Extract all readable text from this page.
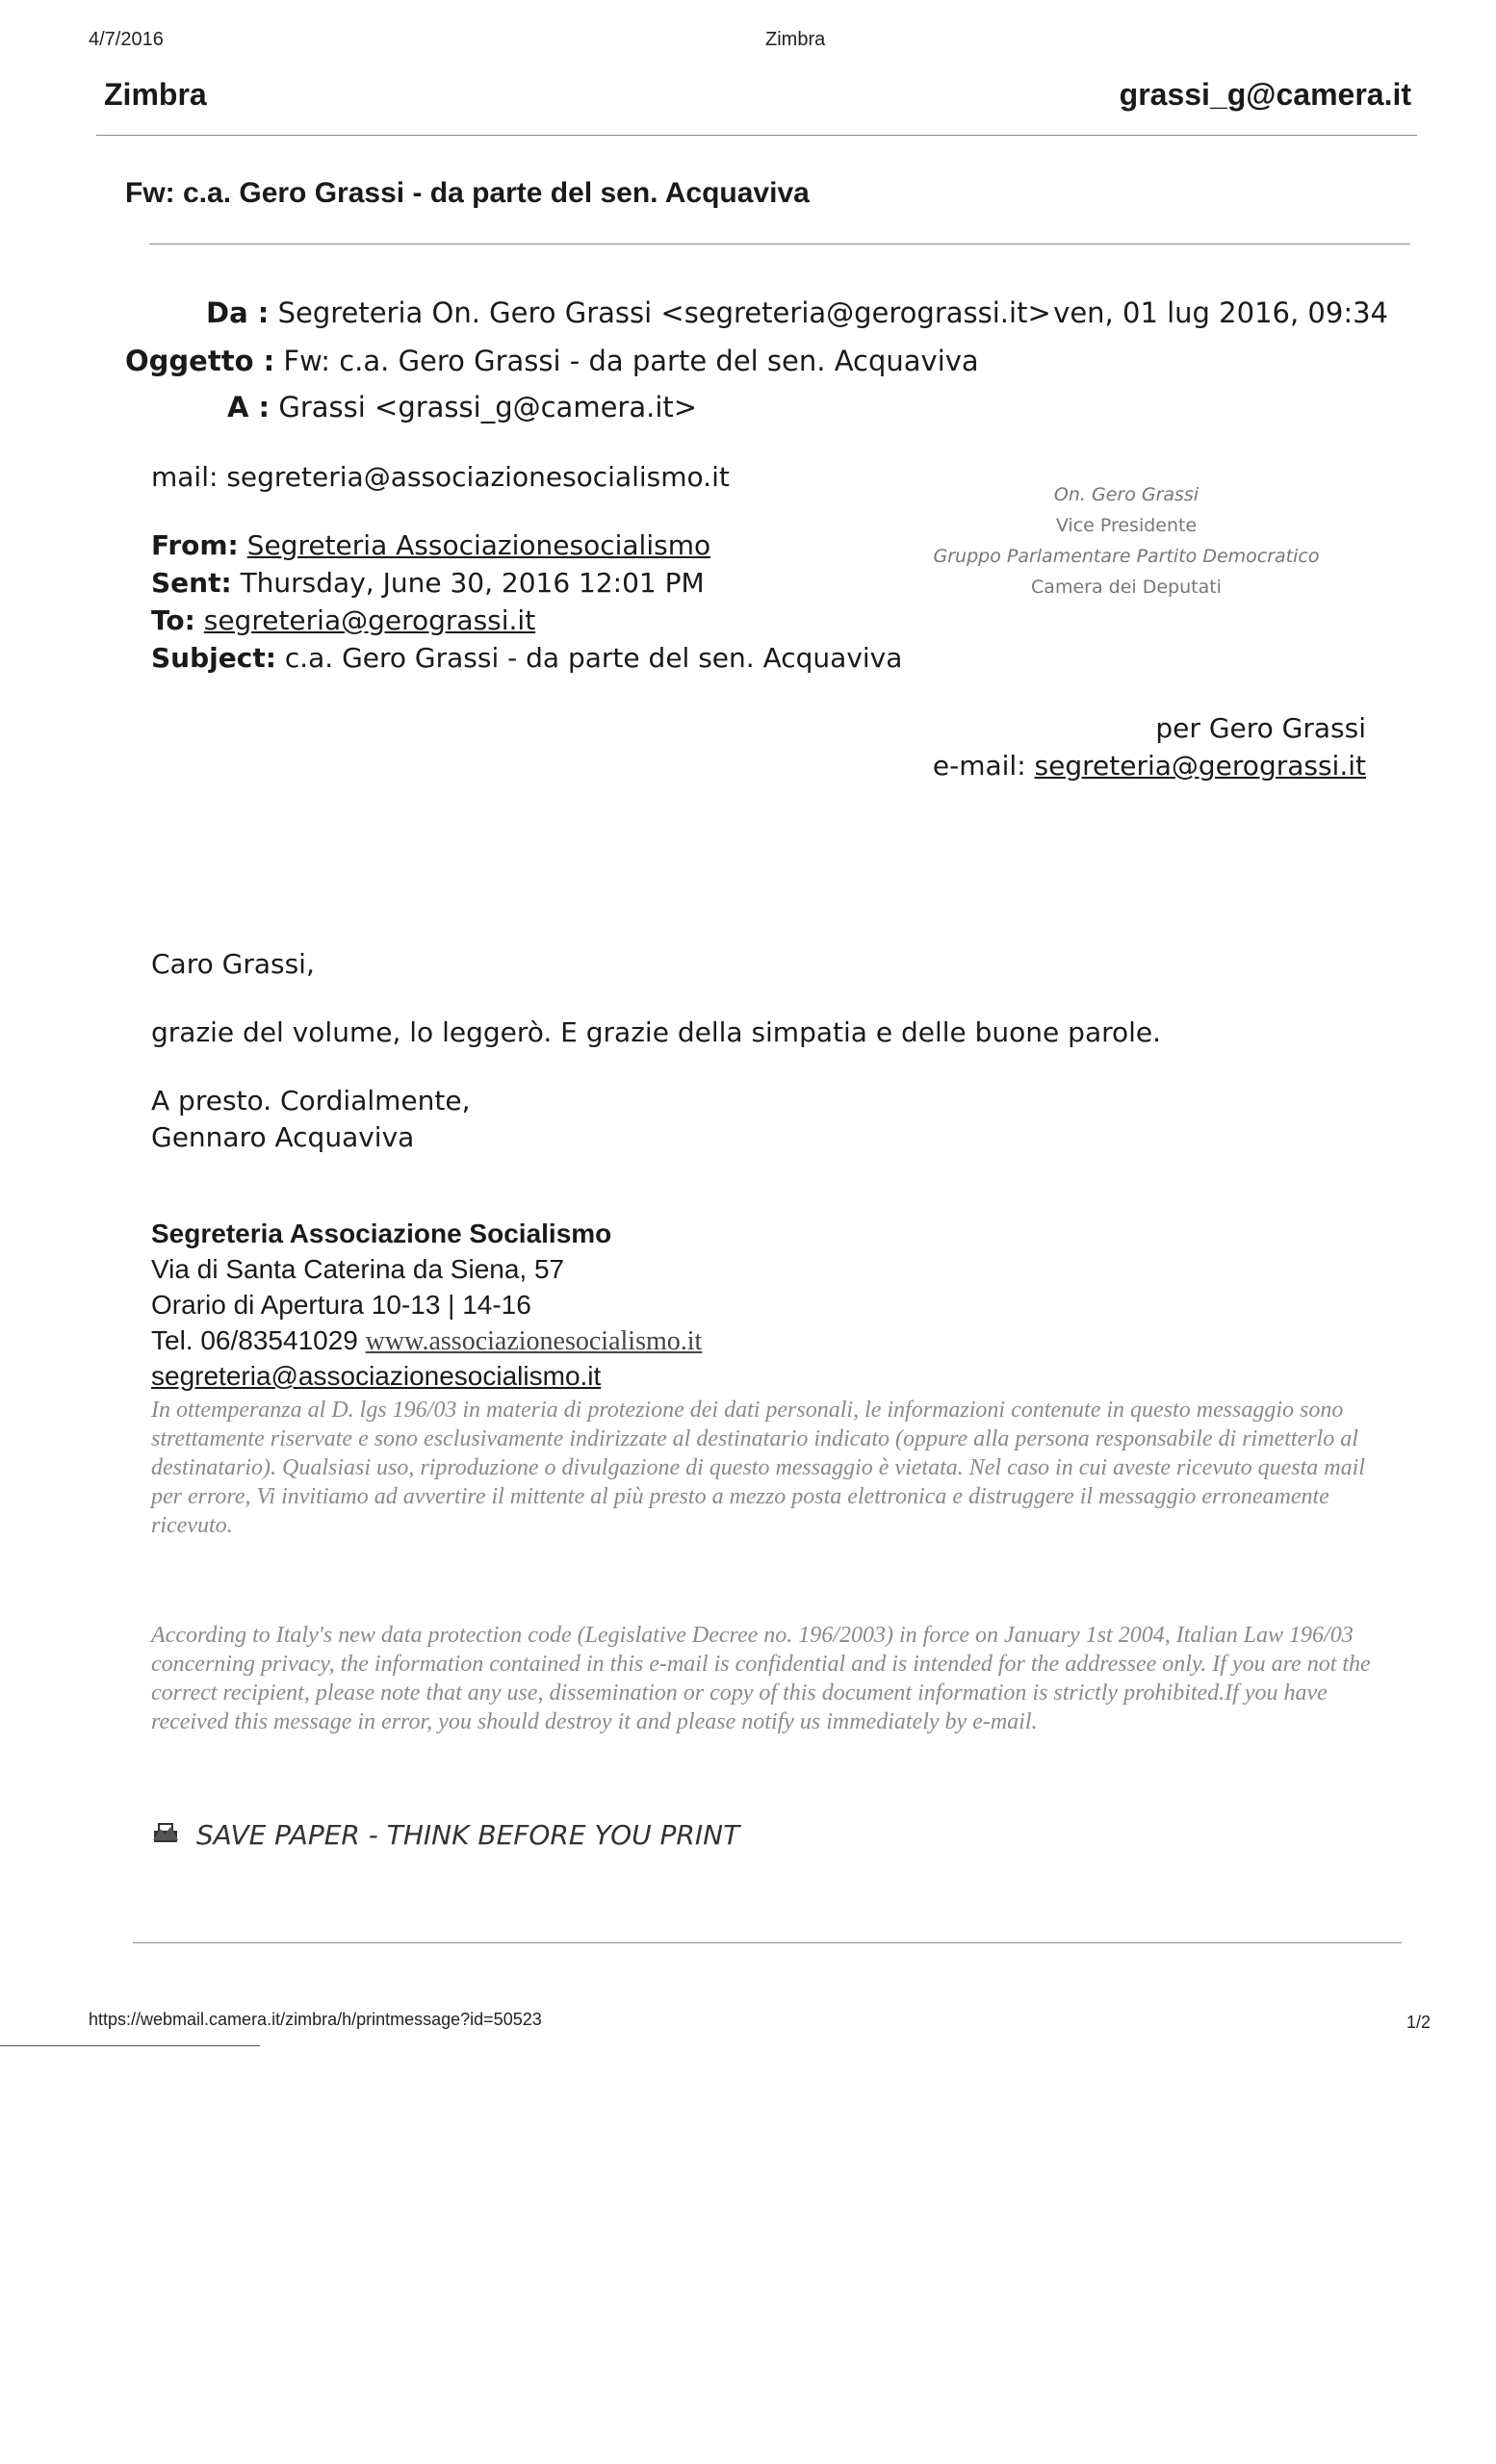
4/7/2016	Zimbra
Zimbra	grassi_g@camera.it
Fw: c.a. Gero Grassi - da parte del sen. Acquaviva
Da : Segreteria On. Gero Grassi <segreteria@gerograssi.it> ven, 01 lug 2016, 09:34
Oggetto : Fw: c.a. Gero Grassi - da parte del sen. Acquaviva
A : Grassi <grassi_g@camera.it>
mail: segreteria@associazionesocialismo.it
From: Segreteria Associazionesocialismo
Sent: Thursday, June 30, 2016 12:01 PM
To: segreteria@gerograssi.it
Subject: c.a. Gero Grassi - da parte del sen. Acquaviva
On. Gero Grassi
Vice Presidente
Gruppo Parlamentare Partito Democratico
Camera dei Deputati
per Gero Grassi
e-mail: segreteria@gerograssi.it
Caro Grassi,
grazie del volume, lo leggerò. E grazie della simpatia e delle buone parole.
A presto. Cordialmente,
Gennaro Acquaviva
Segreteria Associazione Socialismo
Via di Santa Caterina da Siena, 57
Orario di Apertura 10-13 | 14-16
Tel. 06/83541029 www.associazionesocialismo.it
segreteria@associazionesocialismo.it
In ottemperanza al D. lgs 196/03 in materia di protezione dei dati personali, le informazioni contenute in questo messaggio sono strettamente riservate e sono esclusivamente indirizzate al destinatario indicato (oppure alla persona responsabile di rimetterlo al destinatario). Qualsiasi uso, riproduzione o divulgazione di questo messaggio è vietata. Nel caso in cui aveste ricevuto questa mail per errore, Vi invitiamo ad avvertire il mittente al più presto a mezzo posta elettronica e distruggere il messaggio erroneamente ricevuto.
According to Italy's new data protection code (Legislative Decree no. 196/2003) in force on January 1st 2004, Italian Law 196/03 concerning privacy, the information contained in this e-mail is confidential and is intended for the addressee only. If you are not the correct recipient, please note that any use, dissemination or copy of this document information is strictly prohibited.If you have received this message in error, you should destroy it and please notify us immediately by e-mail.
SAVE PAPER - THINK BEFORE YOU PRINT
https://webmail.camera.it/zimbra/h/printmessage?id=50523	1/2
